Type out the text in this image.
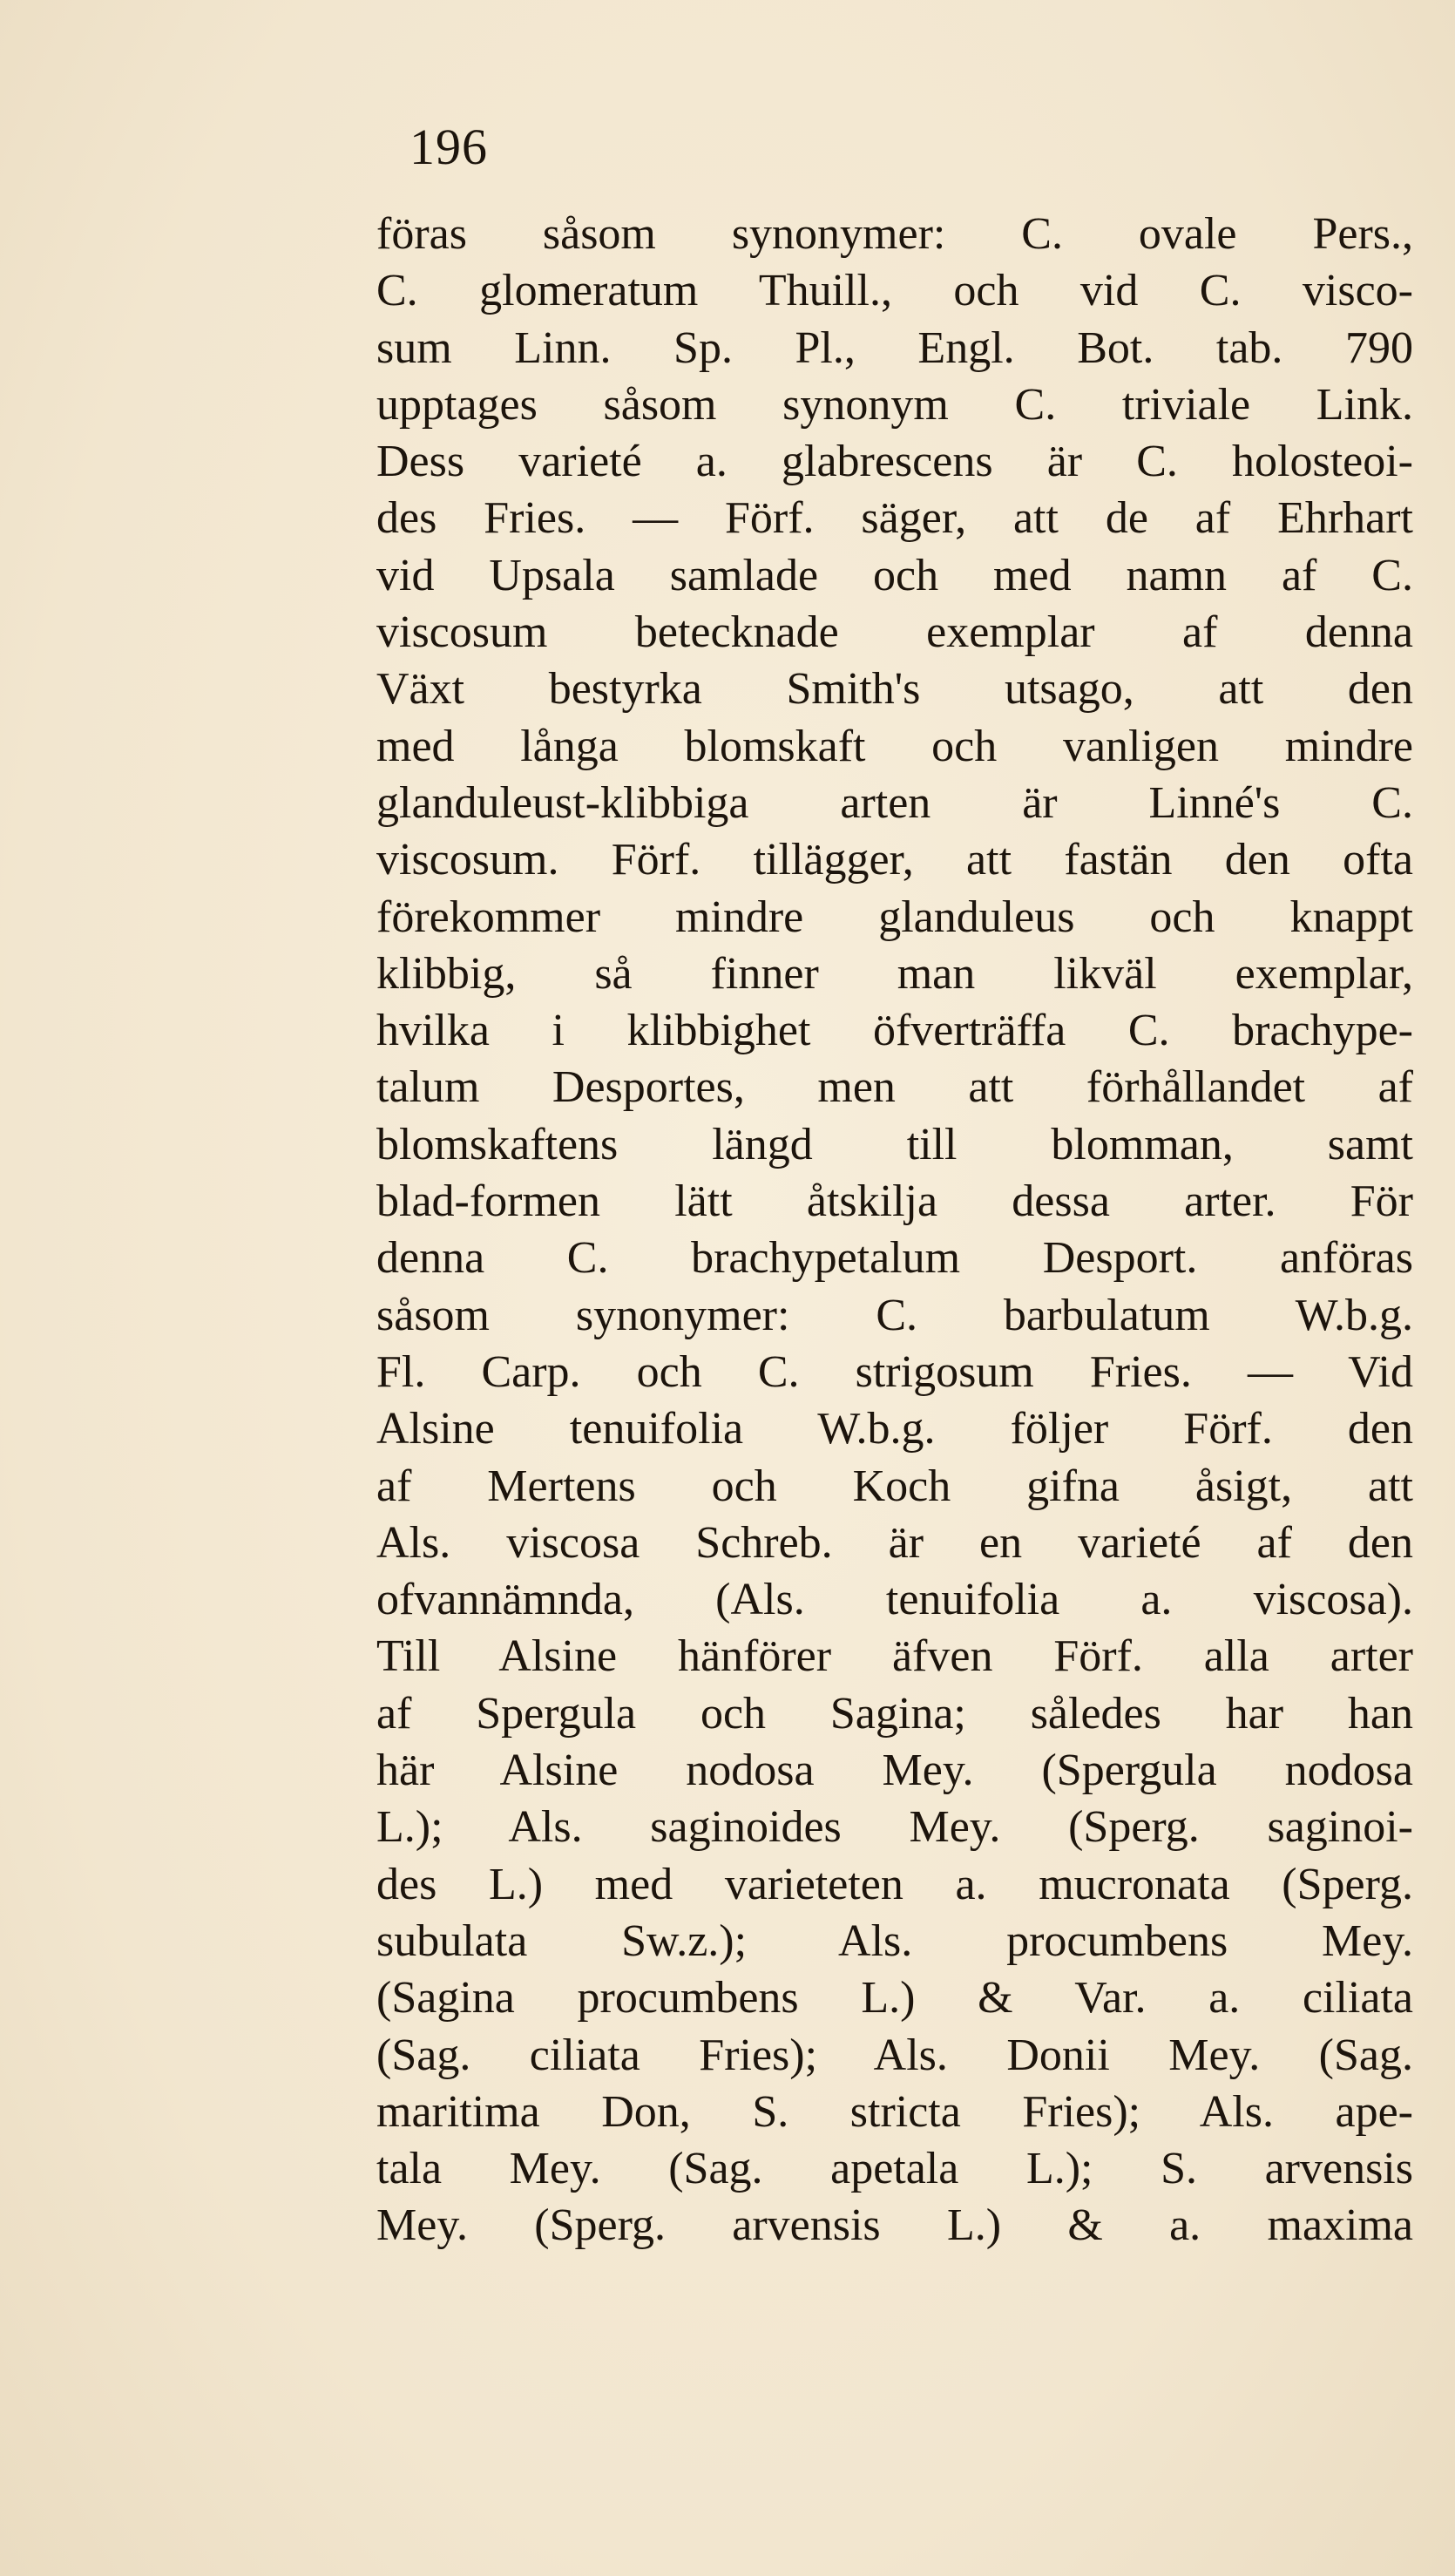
196
föras såsom synonymer: C. ovale Pers.,
C. glomeratum Thuill., och vid C. visco-
sum Linn. Sp. Pl., Engl. Bot. tab. 790
upptages såsom synonym C. triviale Link.
Dess varieté a. glabrescens är C. holosteoi-
des Fries. — Förf. säger, att de af Ehrhart
vid Upsala samlade och med namn af C.
viscosum betecknade exemplar af denna
Växt bestyrka Smith's utsago, att den
med långa blomskaft och vanligen mindre
glanduleust-klibbiga arten är Linné's C.
viscosum. Förf. tillägger, att fastän den ofta
förekommer mindre glanduleus och knappt
klibbig, så finner man likväl exemplar,
hvilka i klibbighet öfverträffa C. brachype-
talum Desportes, men att förhållandet af
blomskaftens längd till blomman, samt
blad-formen lätt åtskilja dessa arter. För
denna C. brachypetalum Desport. anföras
såsom synonymer: C. barbulatum W.b.g.
Fl. Carp. och C. strigosum Fries. — Vid
Alsine tenuifolia W.b.g. följer Förf. den
af Mertens och Koch gifna åsigt, att
Als. viscosa Schreb. är en varieté af den
ofvannämnda, (Als. tenuifolia a. viscosa).
Till Alsine hänförer äfven Förf. alla arter
af Spergula och Sagina; således har han
här Alsine nodosa Mey. (Spergula nodosa
L.); Als. saginoides Mey. (Sperg. saginoi-
des L.) med varieteten a. mucronata (Sperg.
subulata Sw.z.); Als. procumbens Mey.
(Sagina procumbens L.) & Var. a. ciliata
(Sag. ciliata Fries); Als. Donii Mey. (Sag.
maritima Don, S. stricta Fries); Als. ape-
tala Mey. (Sag. apetala L.); S. arvensis
Mey. (Sperg. arvensis L.) & a. maxima
